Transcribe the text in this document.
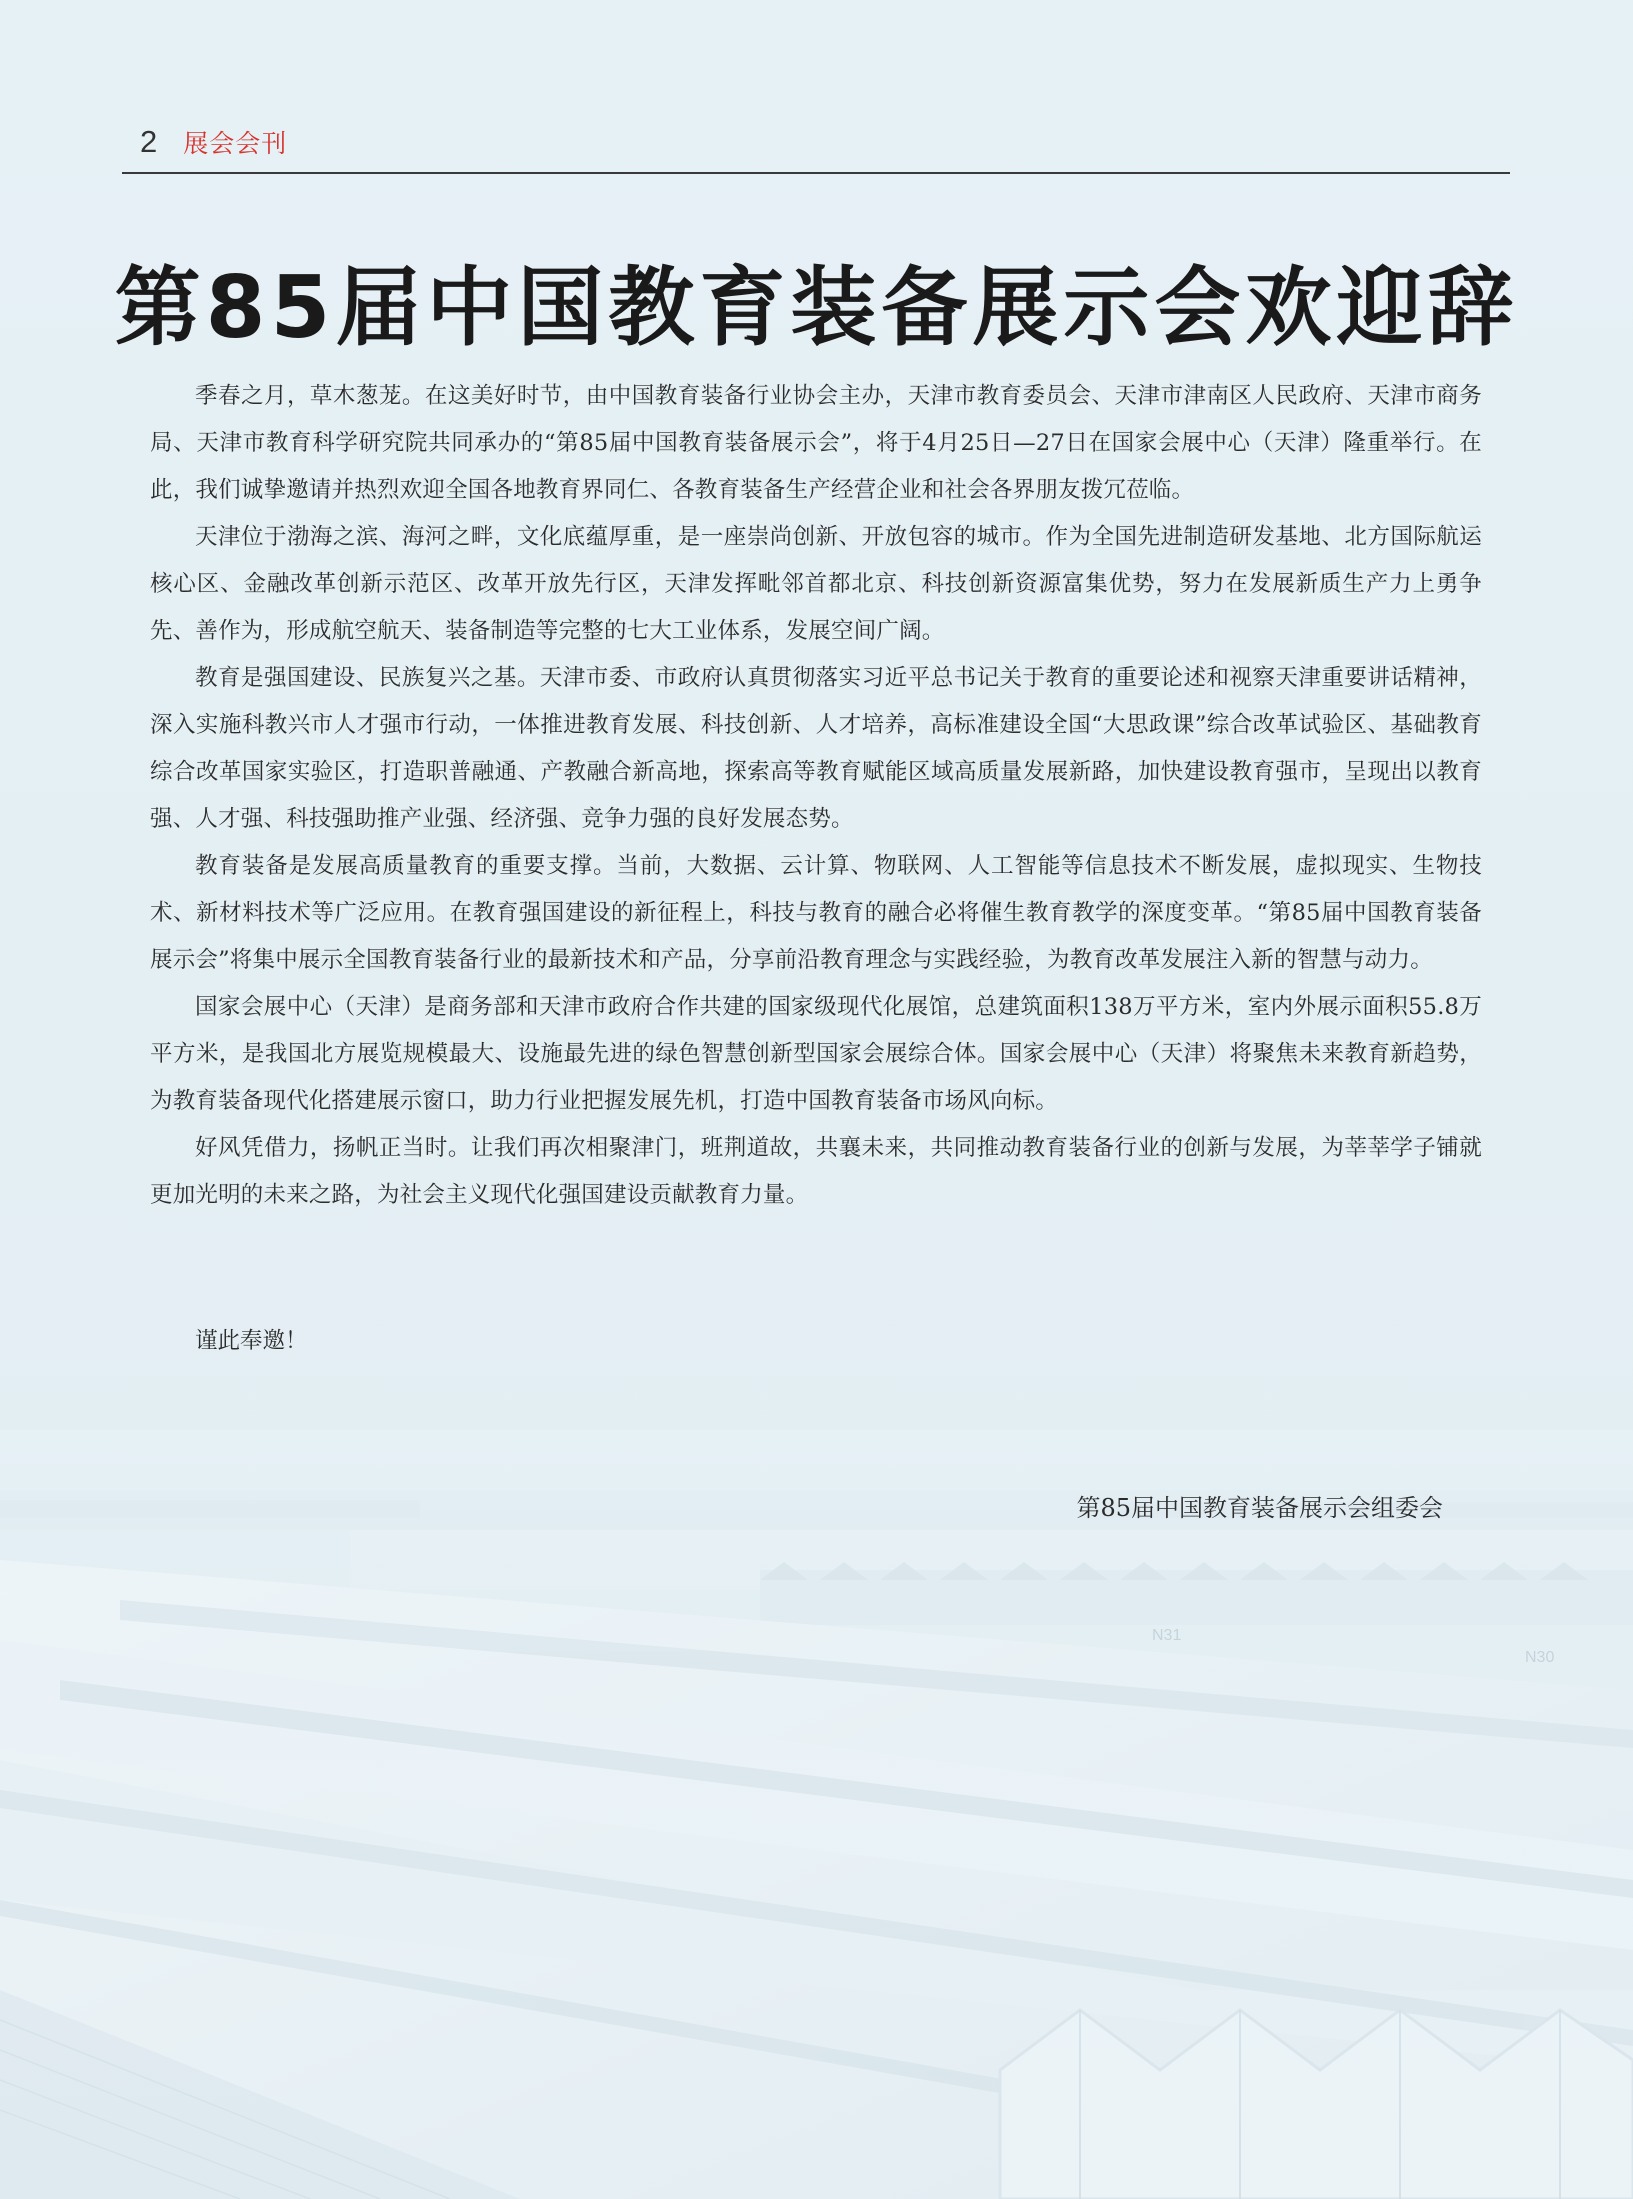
2 展会会刊
第85届中国教育装备展示会欢迎辞

季春之月，草木葱茏。在这美好时节，由中国教育装备行业协会主办，天津市教育委员会、天津市津南区人民政府、天津市商务局、天津市教育科学研究院共同承办的“第85届中国教育装备展示会”，将于4月25日—27日在国家会展中心（天津）隆重举行。在此，我们诚挚邀请并热烈欢迎全国各地教育界同仁、各教育装备生产经营企业和社会各界朋友拨冗莅临。

天津位于渤海之滨、海河之畔，文化底蕴厚重，是一座崇尚创新、开放包容的城市。作为全国先进制造研发基地、北方国际航运核心区、金融改革创新示范区、改革开放先行区，天津发挥毗邻首都北京、科技创新资源富集优势，努力在发展新质生产力上勇争先、善作为，形成航空航天、装备制造等完整的七大工业体系，发展空间广阔。

教育是强国建设、民族复兴之基。天津市委、市政府认真贯彻落实习近平总书记关于教育的重要论述和视察天津重要讲话精神，深入实施科教兴市人才强市行动，一体推进教育发展、科技创新、人才培养，高标准建设全国“大思政课”综合改革试验区、基础教育综合改革国家实验区，打造职普融通、产教融合新高地，探索高等教育赋能区域高质量发展新路，加快建设教育强市，呈现出以教育强、人才强、科技强助推产业强、经济强、竞争力强的良好发展态势。

教育装备是发展高质量教育的重要支撑。当前，大数据、云计算、物联网、人工智能等信息技术不断发展，虚拟现实、生物技术、新材料技术等广泛应用。在教育强国建设的新征程上，科技与教育的融合必将催生教育教学的深度变革。“第85届中国教育装备展示会”将集中展示全国教育装备行业的最新技术和产品，分享前沿教育理念与实践经验，为教育改革发展注入新的智慧与动力。

国家会展中心（天津）是商务部和天津市政府合作共建的国家级现代化展馆，总建筑面积138万平方米，室内外展示面积55.8万平方米，是我国北方展览规模最大、设施最先进的绿色智慧创新型国家会展综合体。国家会展中心（天津）将聚焦未来教育新趋势，为教育装备现代化搭建展示窗口，助力行业把握发展先机，打造中国教育装备市场风向标。

好风凭借力，扬帆正当时。让我们再次相聚津门，班荆道故，共襄未来，共同推动教育装备行业的创新与发展，为莘莘学子铺就更加光明的未来之路，为社会主义现代化强国建设贡献教育力量。

谨此奉邀！
第85届中国教育装备展示会组委会
